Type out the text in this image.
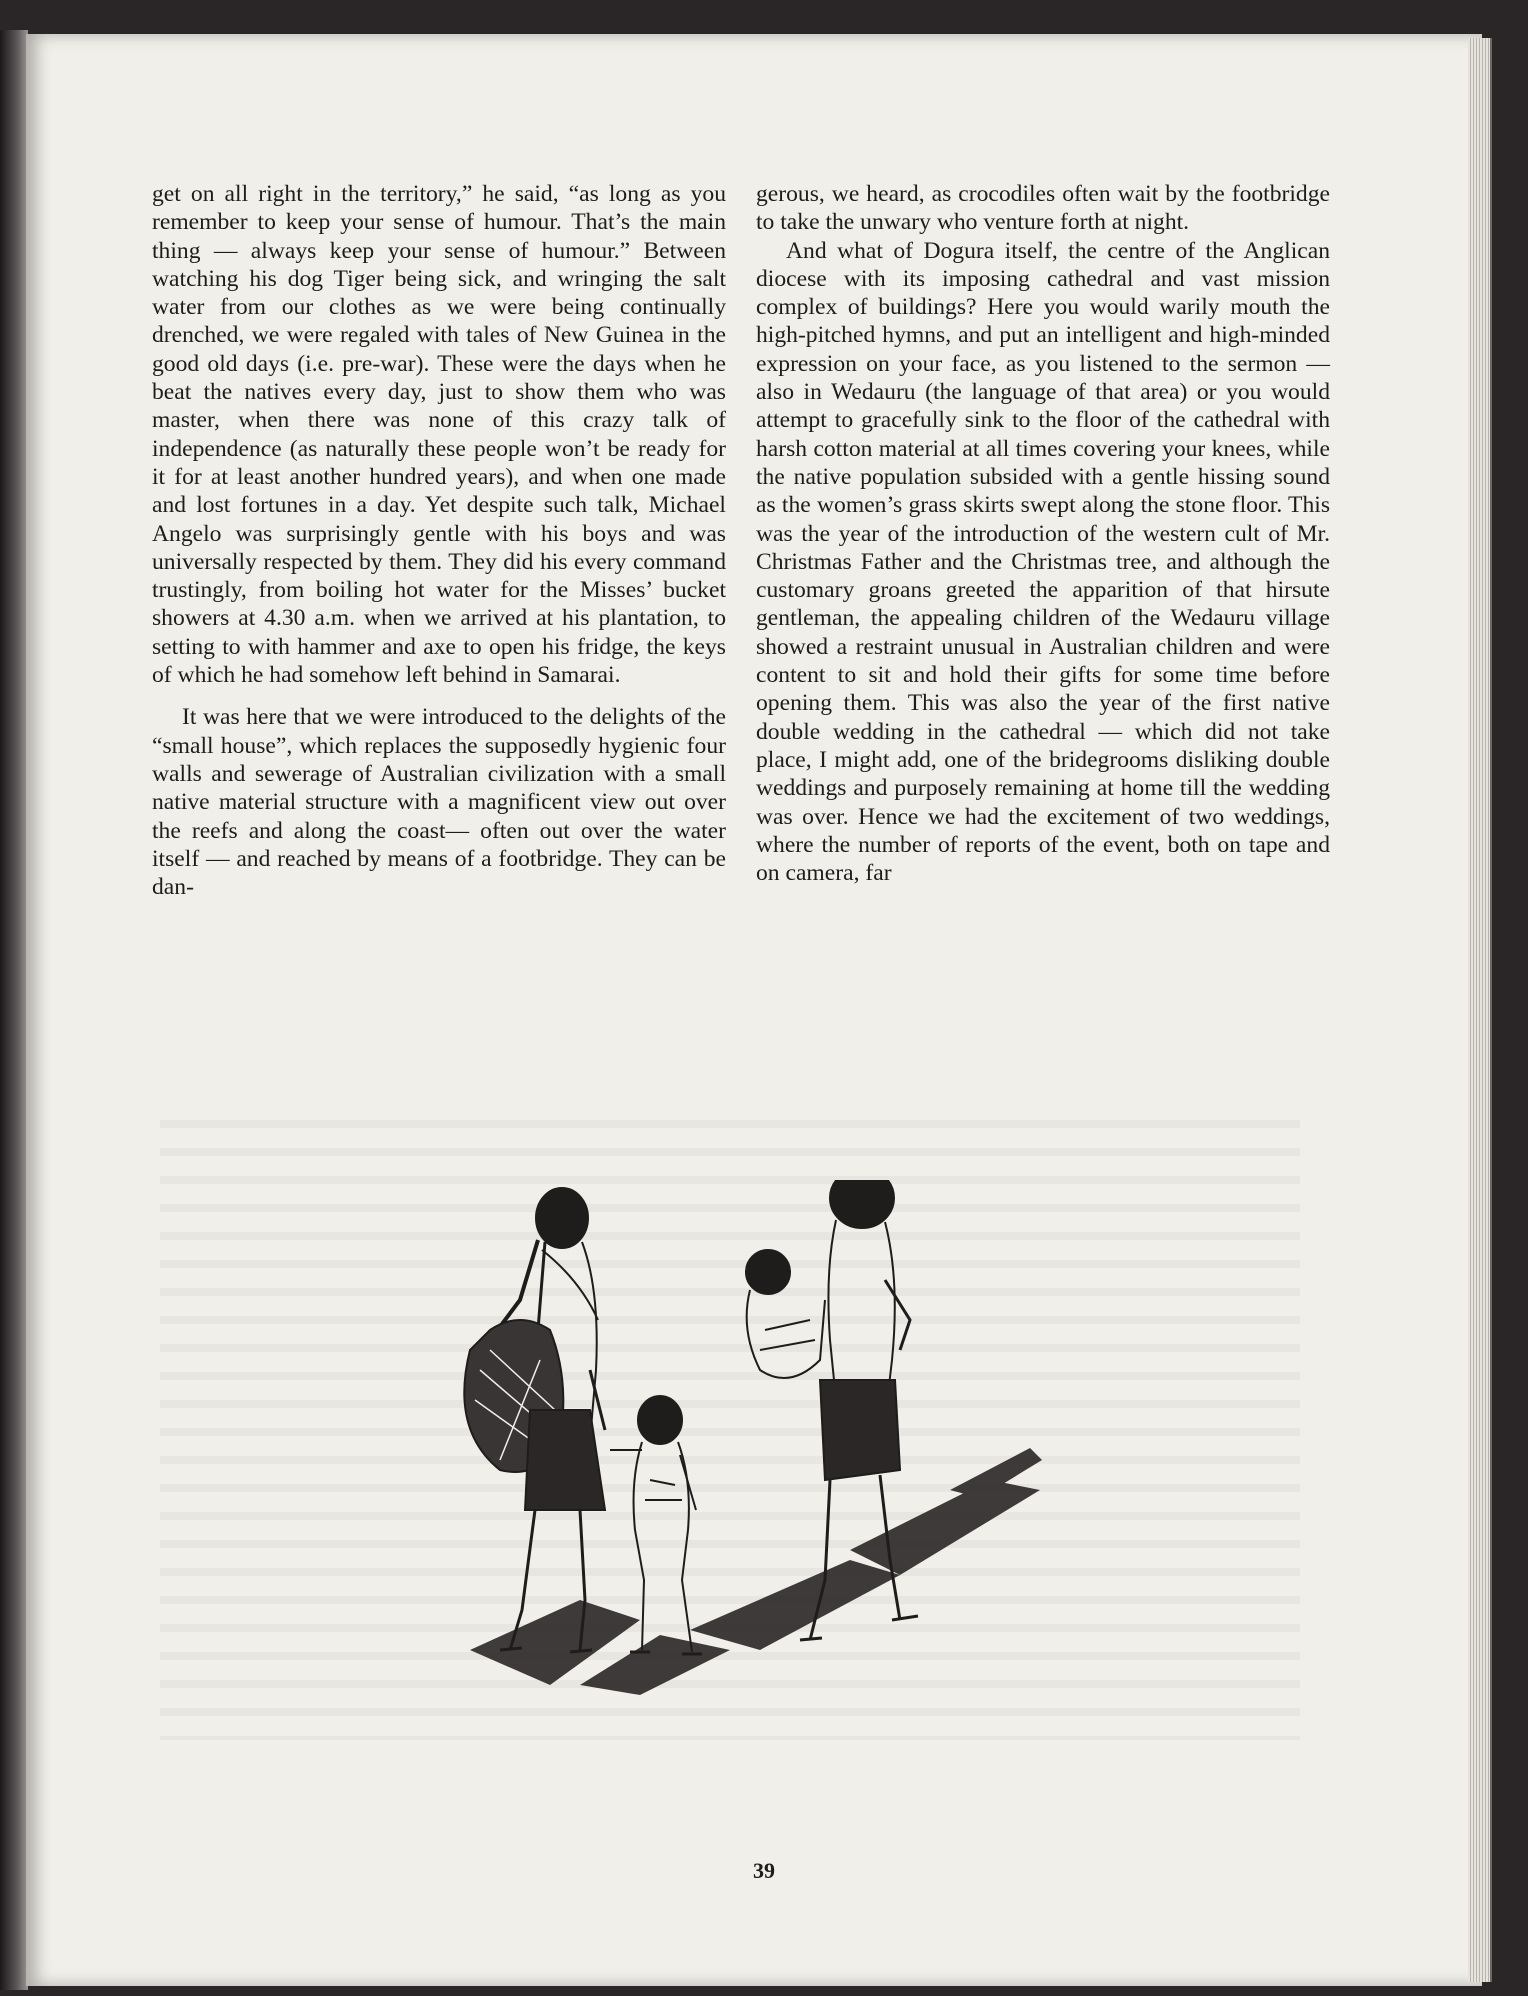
get on all right in the territory,” he said, “as long as you remember to keep your sense of humour. That’s the main thing — always keep your sense of humour.” Between watching his dog Tiger being sick, and wringing the salt water from our clothes as we were being continually drenched, we were regaled with tales of New Guinea in the good old days (i.e. pre-war). These were the days when he beat the natives every day, just to show them who was master, when there was none of this crazy talk of independence (as naturally these people won’t be ready for it for at least another hundred years), and when one made and lost fortunes in a day. Yet despite such talk, Michael Angelo was surprisingly gentle with his boys and was universally respected by them. They did his every command trustingly, from boiling hot water for the Misses’ bucket showers at 4.30 a.m. when we arrived at his plantation, to setting to with hammer and axe to open his fridge, the keys of which he had somehow left behind in Samarai.

It was here that we were introduced to the delights of the “small house”, which replaces the supposedly hygienic four walls and sewerage of Australian civilization with a small native material structure with a magnificent view out over the reefs and along the coast— often out over the water itself — and reached by means of a footbridge. They can be dan-

gerous, we heard, as crocodiles often wait by the footbridge to take the unwary who venture forth at night.

And what of Dogura itself, the centre of the Anglican diocese with its imposing cathedral and vast mission complex of buildings? Here you would warily mouth the high-pitched hymns, and put an intelligent and high-minded expression on your face, as you listened to the sermon — also in Wedauru (the language of that area) or you would attempt to gracefully sink to the floor of the cathedral with harsh cotton material at all times covering your knees, while the native population subsided with a gentle hissing sound as the women’s grass skirts swept along the stone floor. This was the year of the introduction of the western cult of Mr. Christmas Father and the Christmas tree, and although the customary groans greeted the apparition of that hirsute gentleman, the appealing children of the Wedauru village showed a restraint unusual in Australian children and were content to sit and hold their gifts for some time before opening them. This was also the year of the first native double wedding in the cathedral — which did not take place, I might add, one of the bridegrooms disliking double weddings and purposely remaining at home till the wedding was over. Hence we had the excitement of two weddings, where the number of reports of the event, both on tape and on camera, far

39
